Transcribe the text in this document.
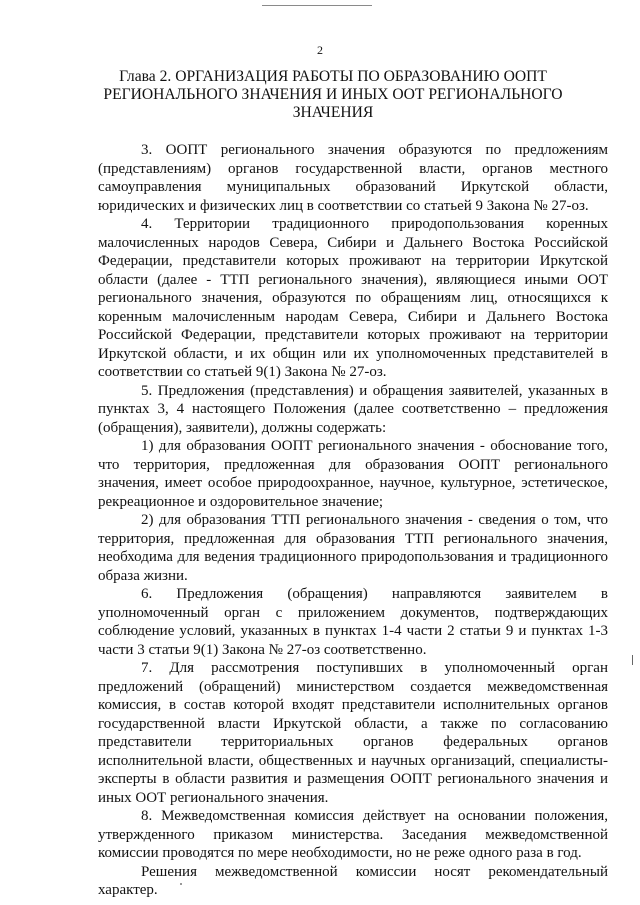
2
Глава 2. ОРГАНИЗАЦИЯ РАБОТЫ ПО ОБРАЗОВАНИЮ ООПТ РЕГИОНАЛЬНОГО ЗНАЧЕНИЯ И ИНЫХ ООТ РЕГИОНАЛЬНОГО ЗНАЧЕНИЯ

3. ООПТ регионального значения образуются по предложениям (представлениям) органов государственной власти, органов местного самоуправления муниципальных образований Иркутской области, юридических и физических лиц в соответствии со статьей 9 Закона № 27-оз.

4. Территории традиционного природопользования коренных малочисленных народов Севера, Сибири и Дальнего Востока Российской Федерации, представители которых проживают на территории Иркутской области (далее - ТТП регионального значения), являющиеся иными ООТ регионального значения, образуются по обращениям лиц, относящихся к коренным малочисленным народам Севера, Сибири и Дальнего Востока Российской Федерации, представители которых проживают на территории Иркутской области, и их общин или их уполномоченных представителей в соответствии со статьей 9(1) Закона № 27-оз.

5. Предложения (представления) и обращения заявителей, указанных в пунктах 3, 4 настоящего Положения (далее соответственно – предложения (обращения), заявители), должны содержать:

1) для образования ООПТ регионального значения - обоснование того, что территория, предложенная для образования ООПТ регионального значения, имеет особое природоохранное, научное, культурное, эстетическое, рекреационное и оздоровительное значение;

2) для образования ТТП регионального значения - сведения о том, что территория, предложенная для образования ТТП регионального значения, необходима для ведения традиционного природопользования и традиционного образа жизни.

6. Предложения (обращения) направляются заявителем в уполномоченный орган с приложением документов, подтверждающих соблюдение условий, указанных в пунктах 1-4 части 2 статьи 9 и пунктах 1-3 части 3 статьи 9(1) Закона № 27-оз соответственно.

7. Для рассмотрения поступивших в уполномоченный орган предложений (обращений) министерством создается межведомственная комиссия, в состав которой входят представители исполнительных органов государственной власти Иркутской области, а также по согласованию представители территориальных органов федеральных органов исполнительной власти, общественных и научных организаций, специалисты-эксперты в области развития и размещения ООПТ регионального значения и иных ООТ регионального значения.

8. Межведомственная комиссия действует на основании положения, утвержденного приказом министерства. Заседания межведомственной комиссии проводятся по мере необходимости, но не реже одного раза в год.

Решения межведомственной комиссии носят рекомендательный характер.
